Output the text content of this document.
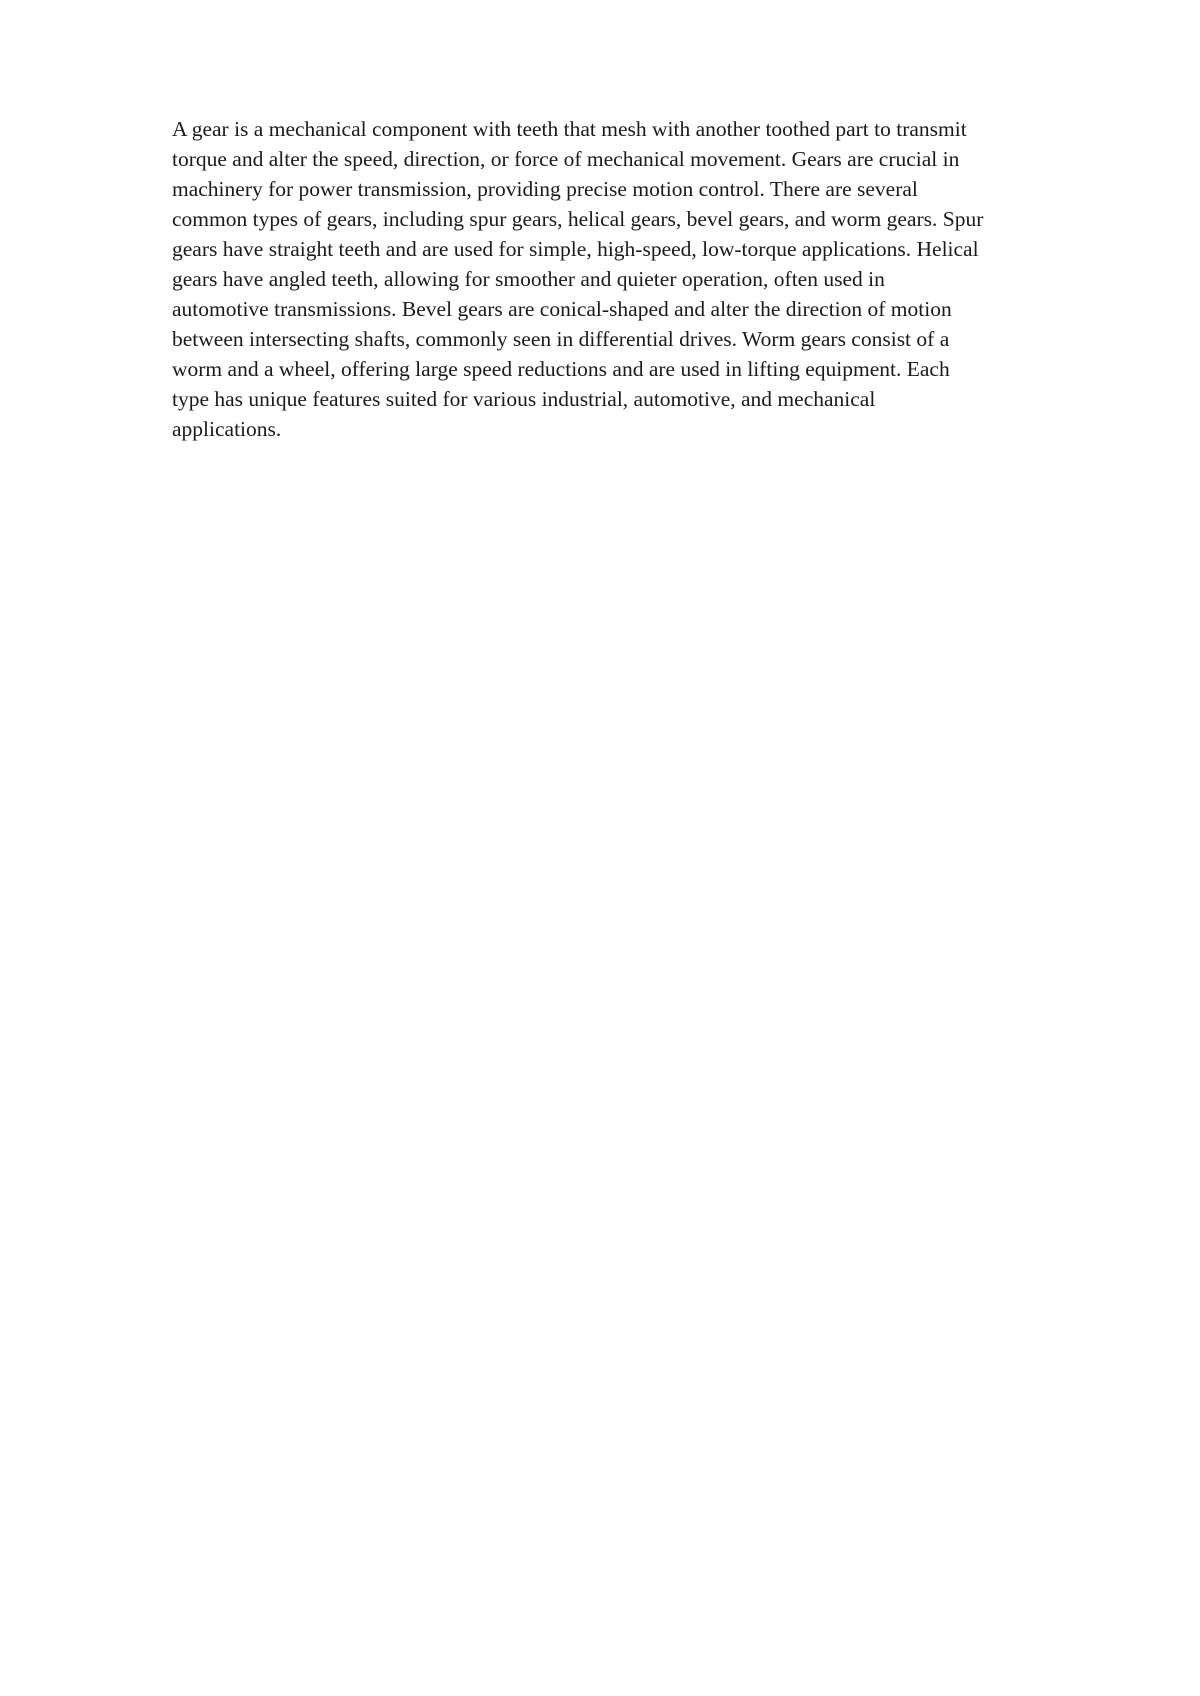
A gear is a mechanical component with teeth that mesh with another toothed part to transmit
torque and alter the speed, direction, or force of mechanical movement. Gears are crucial in
machinery for power transmission, providing precise motion control. There are several
common types of gears, including spur gears, helical gears, bevel gears, and worm gears. Spur
gears have straight teeth and are used for simple, high-speed, low-torque applications. Helical
gears have angled teeth, allowing for smoother and quieter operation, often used in
automotive transmissions. Bevel gears are conical-shaped and alter the direction of motion
between intersecting shafts, commonly seen in differential drives. Worm gears consist of a
worm and a wheel, offering large speed reductions and are used in lifting equipment. Each
type has unique features suited for various industrial, automotive, and mechanical
applications.
